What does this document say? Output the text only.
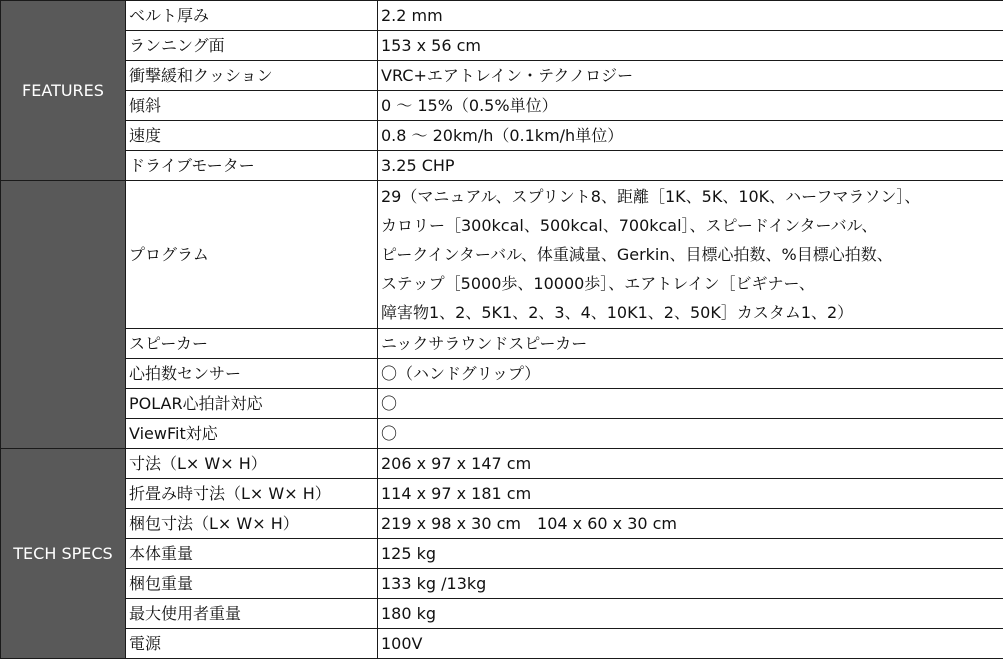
FEATURES	ベルト厚み	2.2 mm
	ランニング面	153 x 56 cm
	衝撃緩和クッション	VRC+エアトレイン・テクノロジー
	傾斜	0 ～ 15%（0.5%単位）
	速度	0.8 ～ 20km/h（0.1km/h単位）
	ドライブモーター	3.25 CHP
	プログラム	29（マニュアル、スプリント8、距離［1K、5K、10K、ハーフマラソン］、
カロリー［300kcal、500kcal、700kcal］、スピードインターバル、
ピークインターバル、体重減量、Gerkin、目標心拍数、%目標心拍数、
ステップ［5000歩、10000歩］、エアトレイン［ビギナー、
障害物1、2、5K1、2、3、4、10K1、2、50K］カスタム1、2）

	スピーカー	ニックサラウンドスピーカー
	心拍数センサー	〇（ハンドグリップ）
	POLAR心拍計対応	〇
	ViewFit対応	〇
TECH SPECS	寸法（L× W× H）	206 x 97 x 147 cm
	折畳み時寸法（L× W× H）	114 x 97 x 181 cm
	梱包寸法（L× W× H）	219 x 98 x 30 cm　104 x 60 x 30 cm
	本体重量	125 kg
	梱包重量	133 kg /13kg
	最大使用者重量	180 kg
	電源	100V
